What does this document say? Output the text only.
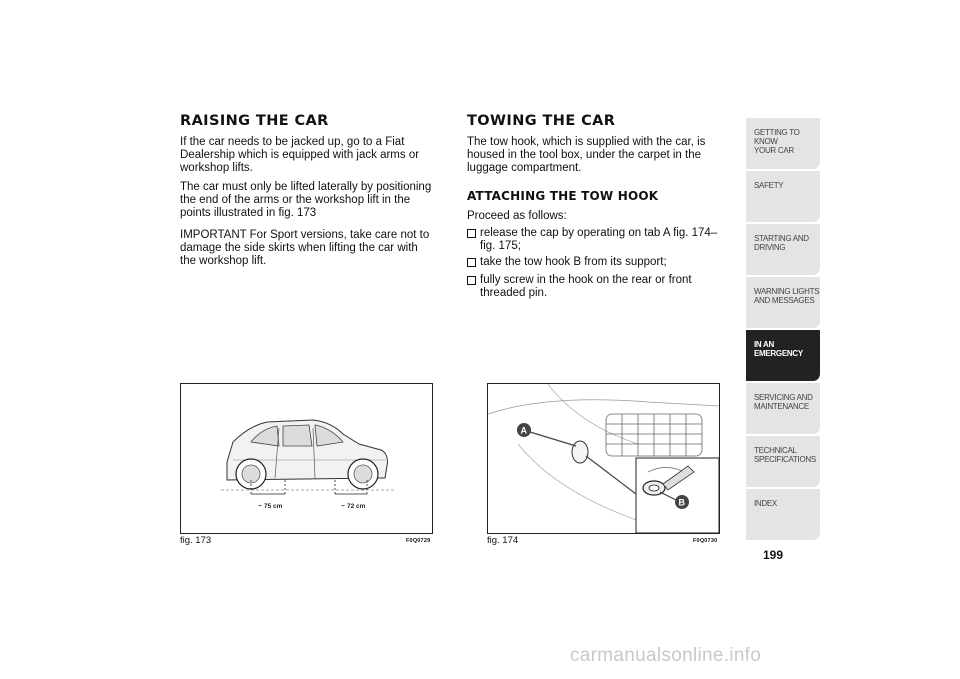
RAISING THE CAR
If the car needs to be jacked up, go to a Fiat
Dealership which is equipped with jack arms or
workshop lifts.
The car must only be lifted laterally by positioning
the end of the arms or the workshop lift in the
points illustrated in fig. 173
IMPORTANT For Sport versions, take care not to
damage the side skirts when lifting the car with
the workshop lift.
TOWING THE CAR
The tow hook, which is supplied with the car, is
housed in the tool box, under the carpet in the
luggage compartment.
ATTACHING THE TOW HOOK
Proceed as follows:
release the cap by operating on tab A fig. 174–
fig. 175;
take the tow hook B from its support;
fully screw in the hook on the rear or front
threaded pin.
~ 75 cm	~ 72 cm
fig. 173	F0Q0729
A
B
fig. 174	F0Q0730
GETTING TO KNOW
YOUR CAR
SAFETY
STARTING AND
DRIVING
WARNING LIGHTS
AND MESSAGES
IN AN
EMERGENCY
SERVICING AND
MAINTENANCE
TECHNICAL
SPECIFICATIONS
INDEX
199
carmanualsonline.info
